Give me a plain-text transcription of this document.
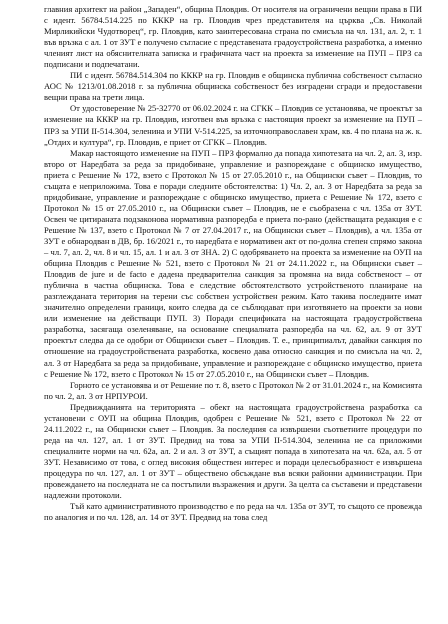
главния архитект на район „Западен“, община Пловдив. От носителя на ограничени вещни права в ПИ с идент. 56784.514.225 по КККР на гр. Пловдив чрез представителя на църква „Св. Николай Мирликийски Чудотворец“, гр. Пловдив, като заинтересована страна по смисъла на чл. 131, ал. 2, т. 1 във връзка с ал. 1 от ЗУТ е получено съгласие с представената градоустройствена разработка, а именно членият лист на обяснителната записка и графичната част на проекта за изменение на ПУП – ПРЗ са подписани и подпечатани.

ПИ с идент. 56784.514.304 по КККР на гр. Пловдив е общинска публична собственост съгласно АОС № 1213/01.08.2018 г. за публична общинска собственост без изградени сгради и предоставени вещни права на трети лица.

От удостоверение № 25-32770 от 06.02.2024 г. на СГКК – Пловдив се установява, че проектът за изменение на КККР на гр. Пловдив, изготвен във връзка с настоящия проект за изменение на ПУП – ПРЗ за УПИ II-514.304, зеленина и УПИ V-514.225, за източноправославен храм, кв. 4 по плана на ж. к. „Отдих и култура“, гр. Пловдив, е приет от СГКК – Пловдив.

Макар настоящото изменение на ПУП – ПРЗ формално да попада хипотезата на чл. 2, ал. 3, изр. второ от Наредбата за реда за придобиване, управление и разпореждане с общинско имущество, приета с Решение № 172, взето с Протокол № 15 от 27.05.2010 г., на Общински съвет – Пловдив, то същата е неприложима. Това е поради следните обстоятелства: 1) Чл. 2, ал. 3 от Наредбата за реда за придобиване, управление и разпореждане с общинско имущество, приета с Решение № 172, взето с Протокол № 15 от 27.05.2010 г., на Общински съвет – Пловдив, не е съобразена с чл. 135а от ЗУТ. Освен че цитираната подзаконова нормативна разпоредба е приета по-рано (действащата редакция е с Решение № 137, взето с Протокол № 7 от 27.04.2017 г., на Общински съвет – Пловдив), а чл. 135а от ЗУТ е обнародван в ДВ, бр. 16/2021 г., то наредбата е нормативен акт от по-долна степен спрямо закона – чл. 7, ал. 2, чл. 8 и чл. 15, ал. 1 и ал. 3 от ЗНА. 2) С одобряването на проекта за изменение на ОУП на община Пловдив с Решение № 521, взето с Протокол № 21 от 24.11.2022 г., на Общински съвет – Пловдив de jure и de facto е дадена предварителна санкция за промяна на вида собственост – от публична в частна общинска. Това е следствие обстоятелството устройственото планиране на разглежданата територия на терени със собствен устройствен режим. Като такива последните имат значително определени граници, които следва да се съблюдават при изготвянето на проекти за нови или изменение на действащи ПУП. 3) Поради спецификата на настоящата градоустройствена разработка, засягаща озеленяване, на основание специалната разпоредба на чл. 62, ал. 9 от ЗУТ проектът следва да се одобри от Общински съвет – Пловдив. Т. е., принципиалът, давайки санкция по отношение на градоустройствената разработка, косвено дава относно санкция и по смисъла на чл. 2, ал. 3 от Наредбата за реда за придобиване, управление и разпореждане с общинско имущество, приета с Решение № 172, взето с Протокол № 15 от 27.05.2010 г., на Общински съвет – Пловдив.

Горното се установява и от Решение по т. 8, взето с Протокол № 2 от 31.01.2024 г., на Комисията по чл. 2, ал. 3 от НРПУРОИ.

Предвижданията на територията – обект на настоящата градоустройствена разработка са установени с ОУП на община Пловдив, одобрен с Решение № 521, взето с Протокол № 22 от 24.11.2022 г., на Общински съвет – Пловдив. За последния са извършени съответните процедури по реда на чл. 127, ал. 1 от ЗУТ. Предвид на това за УПИ II-514.304, зеленина не са приложими специалните норми на чл. 62а, ал. 2 и ал. 3 от ЗУТ, а същият попада в хипотезата на чл. 62а, ал. 5 от ЗУТ. Независимо от това, с оглед високия обществен интерес и поради целесъобразност е извършена процедура по чл. 127, ал. 1 от ЗУТ – обществено обсъждане във всяки районни администрации. При провеждането на последната не са постъпили възражения и други. За целта са съставени и представени надлежни протоколи.

Тъй като административното производство е по реда на чл. 135а от ЗУТ, то същото се провежда по аналогия и по чл. 128, ал. 14 от ЗУТ. Предвид на това след
